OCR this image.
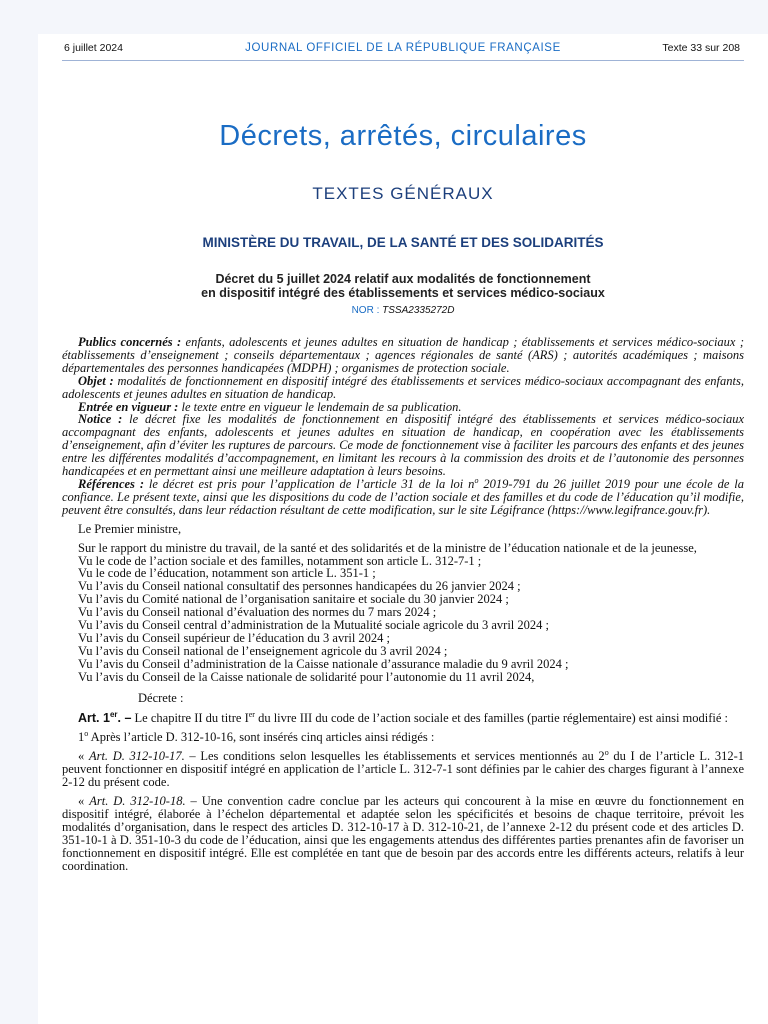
6 juillet 2024	JOURNAL OFFICIEL DE LA RÉPUBLIQUE FRANÇAISE	Texte 33 sur 208
Décrets, arrêtés, circulaires
TEXTES GÉNÉRAUX
MINISTÈRE DU TRAVAIL, DE LA SANTÉ ET DES SOLIDARITÉS
Décret du 5 juillet 2024 relatif aux modalités de fonctionnement
en dispositif intégré des établissements et services médico-sociaux
NOR : TSSA2335272D

Publics concernés : enfants, adolescents et jeunes adultes en situation de handicap ; établissements et services médico-sociaux ; établissements d’enseignement ; conseils départementaux ; agences régionales de santé (ARS) ; autorités académiques ; maisons départementales des personnes handicapées (MDPH) ; organismes de protection sociale.

Objet : modalités de fonctionnement en dispositif intégré des établissements et services médico-sociaux accompagnant des enfants, adolescents et jeunes adultes en situation de handicap.

Entrée en vigueur : le texte entre en vigueur le lendemain de sa publication.

Notice : le décret fixe les modalités de fonctionnement en dispositif intégré des établissements et services médico-sociaux accompagnant des enfants, adolescents et jeunes adultes en situation de handicap, en coopération avec les établissements d’enseignement, afin d’éviter les ruptures de parcours. Ce mode de fonctionnement vise à faciliter les parcours des enfants et des jeunes entre les différentes modalités d’accompagnement, en limitant les recours à la commission des droits et de l’autonomie des personnes handicapées et en permettant ainsi une meilleure adaptation à leurs besoins.

Références : le décret est pris pour l’application de l’article 31 de la loi $n^o$ 2019-791 du 26 juillet 2019 pour une école de la confiance. Le présent texte, ainsi que les dispositions du code de l’action sociale et des familles et du code de l’éducation qu’il modifie, peuvent être consultés, dans leur rédaction résultant de cette modification, sur le site Légifrance (https://www.legifrance.gouv.fr).

Le Premier ministre,

Sur le rapport du ministre du travail, de la santé et des solidarités et de la ministre de l’éducation nationale et de la jeunesse,

Vu le code de l’action sociale et des familles, notamment son article L. 312-7-1 ;

Vu le code de l’éducation, notamment son article L. 351-1 ;

Vu l’avis du Conseil national consultatif des personnes handicapées du 26 janvier 2024 ;

Vu l’avis du Comité national de l’organisation sanitaire et sociale du 30 janvier 2024 ;

Vu l’avis du Conseil national d’évaluation des normes du 7 mars 2024 ;

Vu l’avis du Conseil central d’administration de la Mutualité sociale agricole du 3 avril 2024 ;

Vu l’avis du Conseil supérieur de l’éducation du 3 avril 2024 ;

Vu l’avis du Conseil national de l’enseignement agricole du 3 avril 2024 ;

Vu l’avis du Conseil d’administration de la Caisse nationale d’assurance maladie du 9 avril 2024 ;

Vu l’avis du Conseil de la Caisse nationale de solidarité pour l’autonomie du 11 avril 2024,

Décrete :

Art. 1er. – Le chapitre II du titre Ier du livre III du code de l’action sociale et des familles (partie réglementaire) est ainsi modifié :

1$^o$ Après l’article D. 312-10-16, sont insérés cinq articles ainsi rédigés :

« Art. D. 312-10-17. – Les conditions selon lesquelles les établissements et services mentionnés au 2$^o$ du I de l’article L. 312-1 peuvent fonctionner en dispositif intégré en application de l’article L. 312-7-1 sont définies par le cahier des charges figurant à l’annexe 2-12 du présent code.

« Art. D. 312-10-18. – Une convention cadre conclue par les acteurs qui concourent à la mise en œuvre du fonctionnement en dispositif intégré, élaborée à l’échelon départemental et adaptée selon les spécificités et besoins de chaque territoire, prévoit les modalités d’organisation, dans le respect des articles D. 312-10-17 à D. 312-10-21, de l’annexe 2-12 du présent code et des articles D. 351-10-1 à D. 351-10-3 du code de l’éducation, ainsi que les engagements attendus des différentes parties prenantes afin de favoriser un fonctionnement en dispositif intégré. Elle est complétée en tant que de besoin par des accords entre les différents acteurs, relatifs à leur coordination.
